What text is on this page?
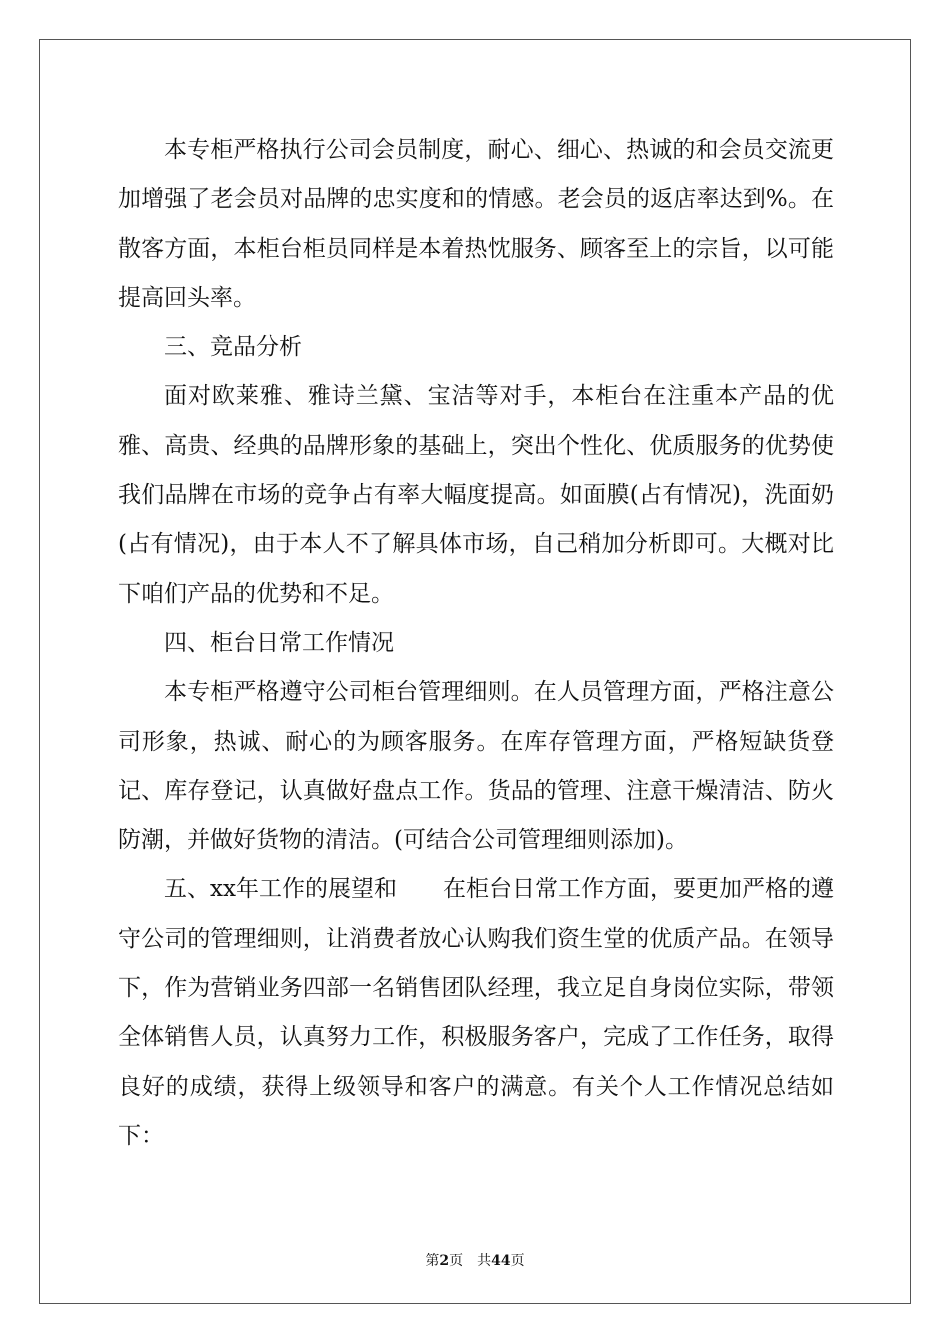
本专柜严格执行公司会员制度，耐心、细心、热诚的和会员交流更加增强了老会员对品牌的忠实度和的情感。老会员的返店率达到%。在散客方面，本柜台柜员同样是本着热忱服务、顾客至上的宗旨，以可能提高回头率。

三、竞品分析

面对欧莱雅、雅诗兰黛、宝洁等对手，本柜台在注重本产品的优雅、高贵、经典的品牌形象的基础上，突出个性化、优质服务的优势使我们品牌在市场的竞争占有率大幅度提高。如面膜(占有情况)，洗面奶(占有情况)，由于本人不了解具体市场，自己稍加分析即可。大概对比下咱们产品的优势和不足。

四、柜台日常工作情况

本专柜严格遵守公司柜台管理细则。在人员管理方面，严格注意公司形象，热诚、耐心的为顾客服务。在库存管理方面，严格短缺货登记、库存登记，认真做好盘点工作。货品的管理、注意干燥清洁、防火防潮，并做好货物的清洁。(可结合公司管理细则添加)。

五、xx年工作的展望和　　在柜台日常工作方面，要更加严格的遵守公司的管理细则，让消费者放心认购我们资生堂的优质产品。在领导下，作为营销业务四部一名销售团队经理，我立足自身岗位实际，带领全体销售人员，认真努力工作，积极服务客户，完成了工作任务，取得良好的成绩，获得上级领导和客户的满意。有关个人工作情况总结如下：

第2页 共44页
